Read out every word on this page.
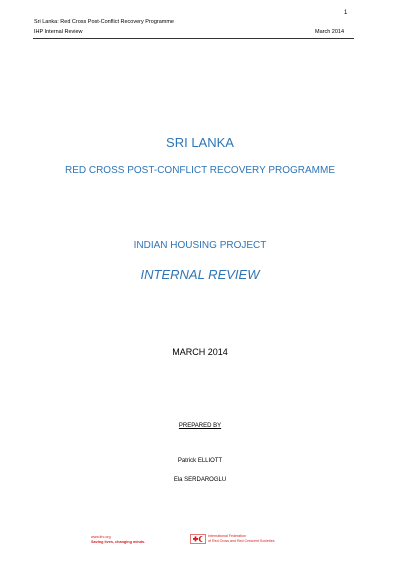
1
Sri Lanka: Red Cross Post-Conflict Recovery Programme
IHP Internal Review	March 2014
SRI LANKA
RED CROSS POST-CONFLICT RECOVERY PROGRAMME
INDIAN HOUSING PROJECT
INTERNAL REVIEW
MARCH 2014
PREPARED BY
Patrick ELLIOTT
Ela SERDAROGLU
www.ifrc.org
Saving lives, changing minds.
International Federation
of Red Cross and Red Crescent Societies
